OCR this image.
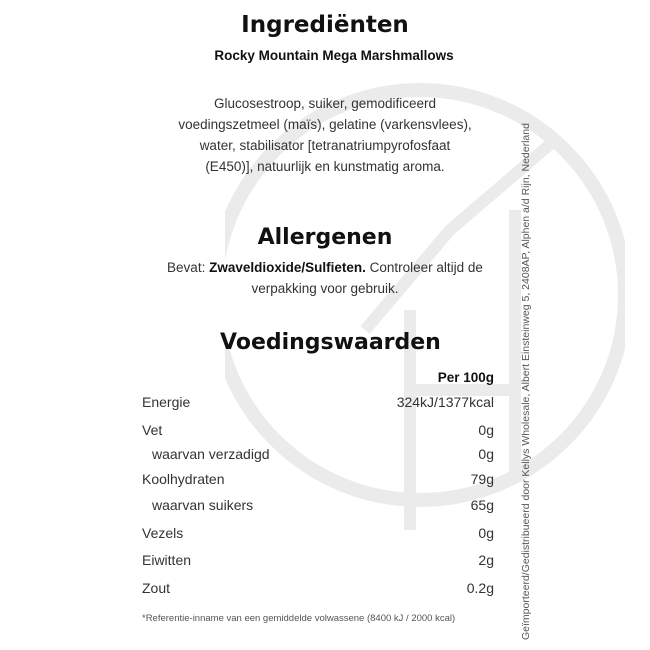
Ingrediënten
Rocky Mountain Mega Marshmallows
Glucosestroop, suiker, gemodificeerd
voedingszetmeel (maïs), gelatine (varkensvlees),
water, stabilisator [tetranatriumpyrofosfaat
(E450)], natuurlijk en kunstmatig aroma.
Allergenen
Bevat: Zwaveldioxide/Sulfieten. Controleer altijd de
verpakking voor gebruik.
Voedingswaarden
Per 100g
Energie	324kJ/1377kcal
Vet	0g
waarvan verzadigd	0g
Koolhydraten	79g
waarvan suikers	65g
Vezels	0g
Eiwitten	2g
Zout	0.2g
*Referentie-inname van een gemiddelde volwassene (8400 kJ / 2000 kcal)	Geïmporteerd/Gedistribueerd door Kellys Wholesale, Albert Einsteinweg 5, 2408AP, Alphen a/d Rijn, Nederland
